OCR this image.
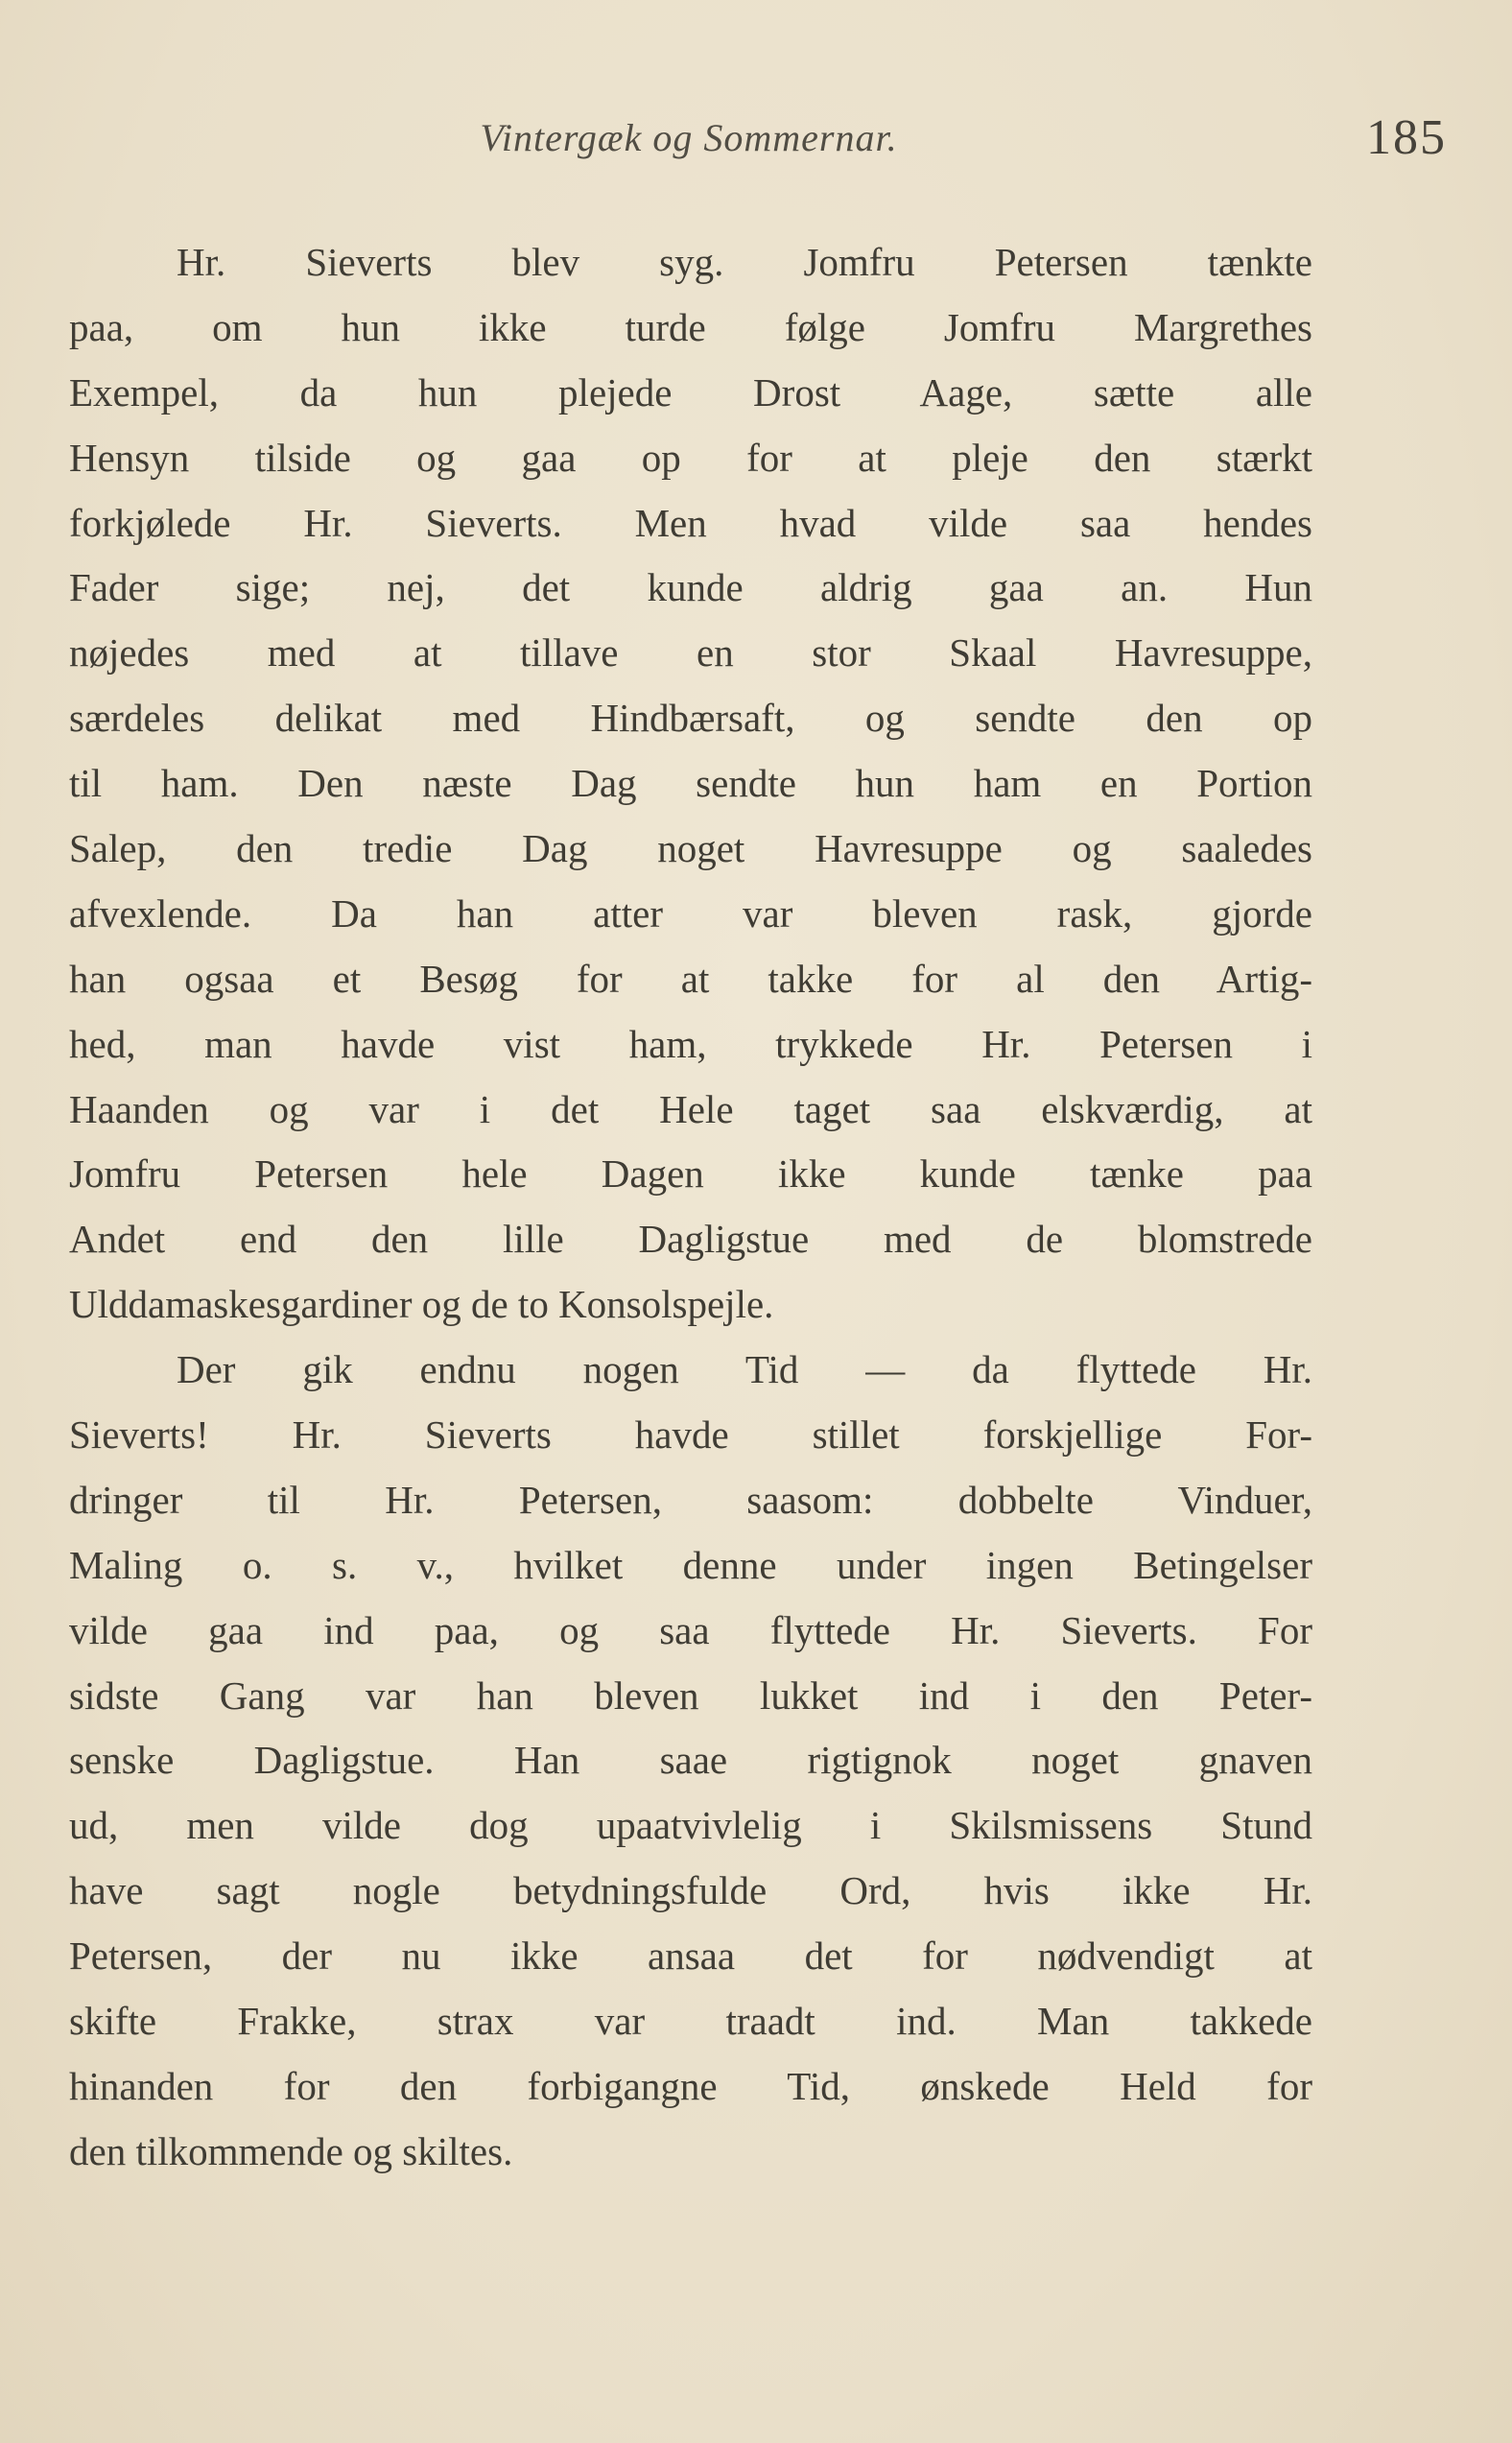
Vintergæk og Sommernar.	185
Hr. Sieverts blev syg. Jomfru Petersen tænkte
paa, om hun ikke turde følge Jomfru Margrethes
Exempel, da hun plejede Drost Aage, sætte alle
Hensyn tilside og gaa op for at pleje den stærkt
forkjølede Hr. Sieverts. Men hvad vilde saa hendes
Fader sige; nej, det kunde aldrig gaa an. Hun
nøjedes med at tillave en stor Skaal Havresuppe,
særdeles delikat med Hindbærsaft, og sendte den op
til ham. Den næste Dag sendte hun ham en Portion
Salep, den tredie Dag noget Havresuppe og saaledes
afvexlende. Da han atter var bleven rask, gjorde
han ogsaa et Besøg for at takke for al den Artig-
hed, man havde vist ham, trykkede Hr. Petersen i
Haanden og var i det Hele taget saa elskværdig, at
Jomfru Petersen hele Dagen ikke kunde tænke paa
Andet end den lille Dagligstue med de blomstrede
Ulddamaskesgardiner og de to Konsolspejle.
Der gik endnu nogen Tid — da flyttede Hr.
Sieverts! Hr. Sieverts havde stillet forskjellige For-
dringer til Hr. Petersen, saasom: dobbelte Vinduer,
Maling o. s. v., hvilket denne under ingen Betingelser
vilde gaa ind paa, og saa flyttede Hr. Sieverts. For
sidste Gang var han bleven lukket ind i den Peter-
senske Dagligstue. Han saae rigtignok noget gnaven
ud, men vilde dog upaatvivlelig i Skilsmissens Stund
have sagt nogle betydningsfulde Ord, hvis ikke Hr.
Petersen, der nu ikke ansaa det for nødvendigt at
skifte Frakke, strax var traadt ind. Man takkede
hinanden for den forbigangne Tid, ønskede Held for
den tilkommende og skiltes.
